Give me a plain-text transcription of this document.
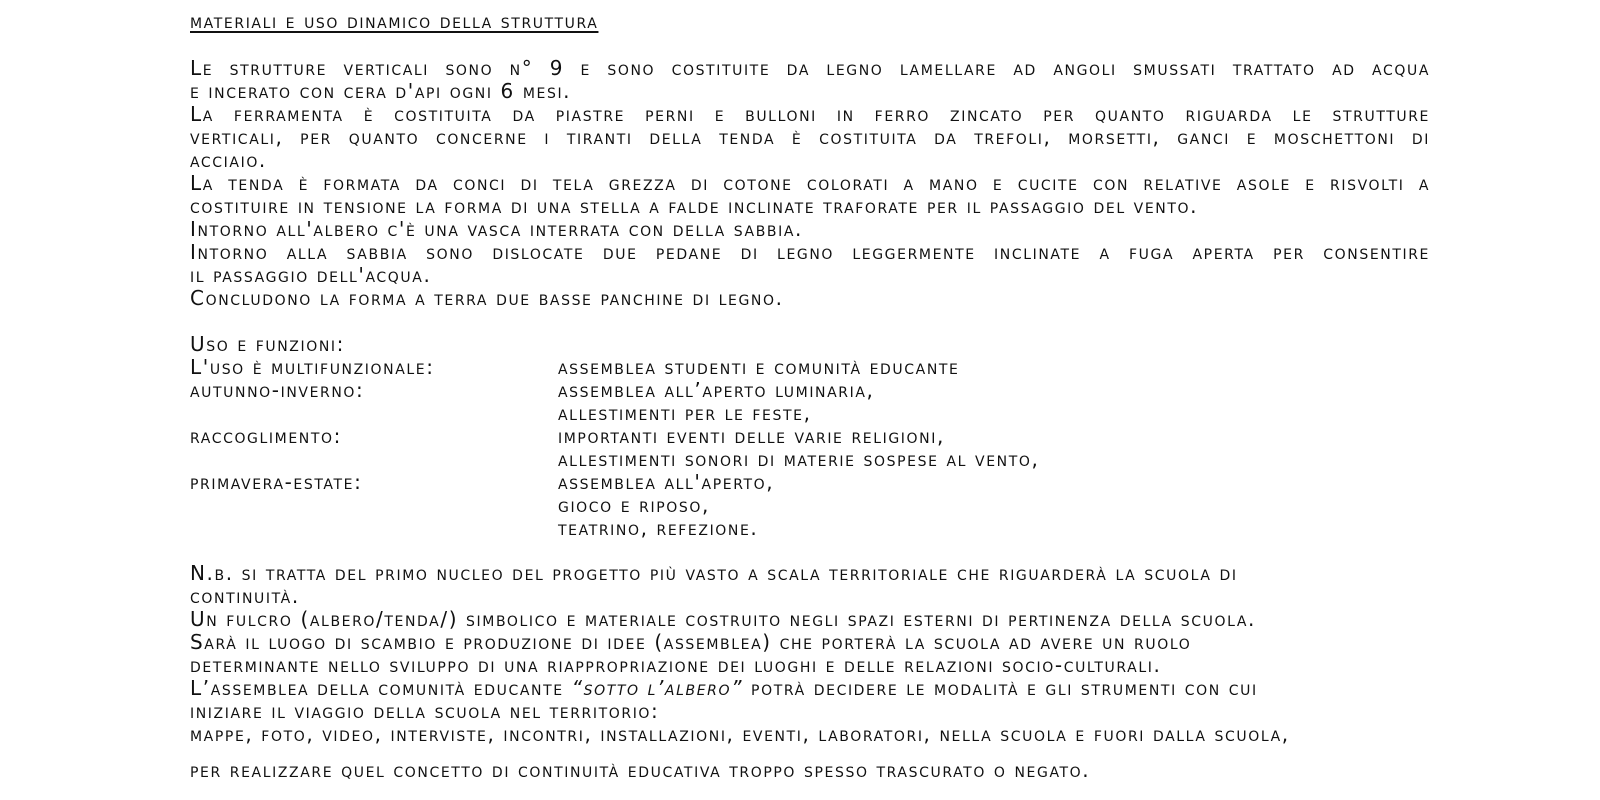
materiali e uso dinamico della struttura
Le strutture verticali sono n° 9 e sono costituite da legno lamellare ad angoli smussati trattato ad acqua
e incerato con cera d'api ogni 6 mesi.
La ferramenta è costituita da piastre perni e bulloni in ferro zincato per quanto riguarda le strutture
verticali, per quanto concerne i tiranti della tenda è costituita da trefoli, morsetti, ganci e moschettoni di
acciaio.
La tenda è formata da conci di tela grezza di cotone colorati a mano e cucite con relative asole e risvolti a
costituire in tensione la forma di una stella a falde inclinate traforate per il passaggio del vento.
Intorno all'albero c'è una vasca interrata con della sabbia.
Intorno alla sabbia sono dislocate due pedane di legno leggermente inclinate a fuga aperta per consentire
il passaggio dell'acqua.
Concludono la forma a terra due basse panchine di legno.
Uso e funzioni:
L'uso è multifunzionale:	assemblea studenti e comunità educante
autunno-inverno:	assemblea all’aperto luminaria,
allestimenti per le feste,
raccoglimento:	importanti eventi delle varie religioni,
allestimenti sonori di materie sospese al vento,
primavera-estate:	assemblea all'aperto,
gioco e riposo,
teatrino, refezione.
N.b. si tratta del primo nucleo del progetto più vasto a scala territoriale che riguarderà la scuola di
continuità.
Un fulcro (albero/tenda/) simbolico e materiale costruito negli spazi esterni di pertinenza della scuola.
Sarà il luogo di scambio e produzione di idee (assemblea) che porterà la scuola ad avere un ruolo
determinante nello sviluppo di una riappropriazione dei luoghi e delle relazioni socio-culturali.
L’assemblea della comunità educante “sotto l’albero” potrà decidere le modalità e gli strumenti con cui
iniziare il viaggio della scuola nel territorio:
mappe, foto, video, interviste, incontri, installazioni, eventi, laboratori, nella scuola e fuori dalla scuola,
per realizzare quel concetto di continuità educativa troppo spesso trascurato o negato.
